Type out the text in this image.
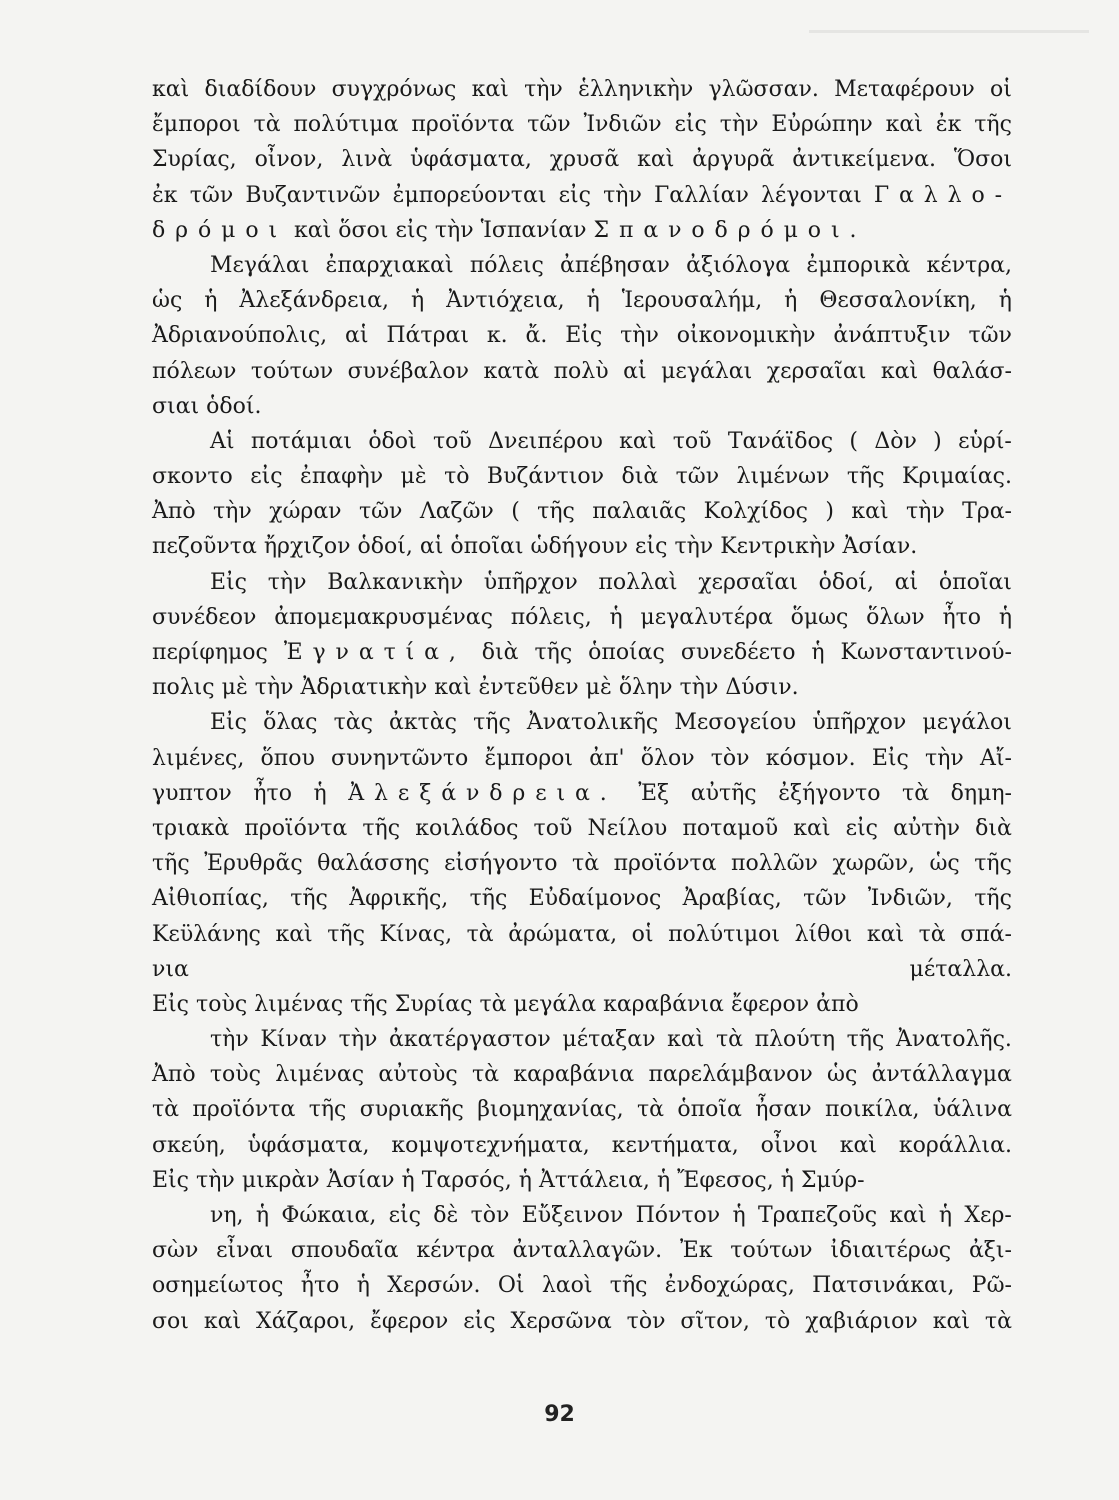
καὶ διαδίδουν συγχρόνως καὶ τὴν ἑλληνικὴν γλῶσσαν. Μεταφέρουν οἱ
ἔμποροι τὰ πολύτιμα προϊόντα τῶν Ἰνδιῶν εἰς τὴν Εὐρώπην καὶ ἐκ τῆς
Συρίας, οἶνον, λινὰ ὑφάσματα, χρυσᾶ καὶ ἀργυρᾶ ἀντικείμενα. Ὅσοι
ἐκ τῶν Βυζαντινῶν ἐμπορεύονται εἰς τὴν Γαλλίαν λέγονται Γαλλο-
δρόμοι καὶ ὅσοι εἰς τὴν Ἱσπανίαν Σπανοδρόμοι.
Μεγάλαι ἐπαρχιακαὶ πόλεις ἀπέβησαν ἀξιόλογα ἐμπορικὰ κέντρα,
ὡς ἡ Ἀλεξάνδρεια, ἡ Ἀντιόχεια, ἡ Ἱερουσαλήμ, ἡ Θεσσαλονίκη, ἡ
Ἀδριανούπολις, αἱ Πάτραι κ. ἄ. Εἰς τὴν οἰκονομικὴν ἀνάπτυξιν τῶν
πόλεων τούτων συνέβαλον κατὰ πολὺ αἱ μεγάλαι χερσαῖαι καὶ θαλάσ-
σιαι ὁδοί.
Αἱ ποτάμιαι ὁδοὶ τοῦ Δνειπέρου καὶ τοῦ Τανάϊδος ( Δὸν ) εὑρί-
σκοντο εἰς ἐπαφὴν μὲ τὸ Βυζάντιον διὰ τῶν λιμένων τῆς Κριμαίας.
Ἀπὸ τὴν χώραν τῶν Λαζῶν ( τῆς παλαιᾶς Κολχίδος ) καὶ τὴν Τρα-
πεζοῦντα ἤρχιζον ὁδοί, αἱ ὁποῖαι ὡδήγουν εἰς τὴν Κεντρικὴν Ἀσίαν.
Εἰς τὴν Βαλκανικὴν ὑπῆρχον πολλαὶ χερσαῖαι ὁδοί, αἱ ὁποῖαι
συνέδεον ἀπομεμακρυσμένας πόλεις, ἡ μεγαλυτέρα ὅμως ὅλων ἦτο ἡ
περίφημος Ἐγνατία, διὰ τῆς ὁποίας συνεδέετο ἡ Κωνσταντινού-
πολις μὲ τὴν Ἀδριατικὴν καὶ ἐντεῦθεν μὲ ὅλην τὴν Δύσιν.
Εἰς ὅλας τὰς ἀκτὰς τῆς Ἀνατολικῆς Μεσογείου ὑπῆρχον μεγάλοι
λιμένες, ὅπου συνηντῶντο ἔμποροι ἀπ' ὅλον τὸν κόσμον. Εἰς τὴν Αἴ-
γυπτον ἦτο ἡ Ἀλεξάνδρεια. Ἐξ αὐτῆς ἐξήγοντο τὰ δημη-
τριακὰ προϊόντα τῆς κοιλάδος τοῦ Νείλου ποταμοῦ καὶ εἰς αὐτὴν διὰ
τῆς Ἐρυθρᾶς θαλάσσης εἰσήγοντο τὰ προϊόντα πολλῶν χωρῶν, ὡς τῆς
Αἰθιοπίας, τῆς Ἀφρικῆς, τῆς Εὐδαίμονος Ἀραβίας, τῶν Ἰνδιῶν, τῆς
Κεϋλάνης καὶ τῆς Κίνας, τὰ ἀρώματα, οἱ πολύτιμοι λίθοι καὶ τὰ σπά-
νια	μέταλλα.
Εἰς τοὺς λιμένας τῆς Συρίας τὰ μεγάλα καραβάνια ἔφερον ἀπὸ
τὴν Κίναν τὴν ἀκατέργαστον μέταξαν καὶ τὰ πλούτη τῆς Ἀνατολῆς.
Ἀπὸ τοὺς λιμένας αὐτοὺς τὰ καραβάνια παρελάμβανον ὡς ἀντάλλαγμα
τὰ προϊόντα τῆς συριακῆς βιομηχανίας, τὰ ὁποῖα ἦσαν ποικίλα, ὑάλινα
σκεύη, ὑφάσματα, κομψοτεχνήματα, κεντήματα, οἶνοι καὶ κοράλλια.
Εἰς τὴν μικρὰν Ἀσίαν ἡ Ταρσός, ἡ Ἀττάλεια, ἡ Ἔφεσος, ἡ Σμύρ-
νη, ἡ Φώκαια, εἰς δὲ τὸν Εὔξεινον Πόντον ἡ Τραπεζοῦς καὶ ἡ Χερ-
σὼν εἶναι σπουδαῖα κέντρα ἀνταλλαγῶν. Ἐκ τούτων ἰδιαιτέρως ἀξι-
οσημείωτος ἦτο ἡ Χερσών. Οἱ λαοὶ τῆς ἐνδοχώρας, Πατσινάκαι, Ρῶ-
σοι καὶ Χάζαροι, ἔφερον εἰς Χερσῶνα τὸν σῖτον, τὸ χαβιάριον καὶ τὰ
92
